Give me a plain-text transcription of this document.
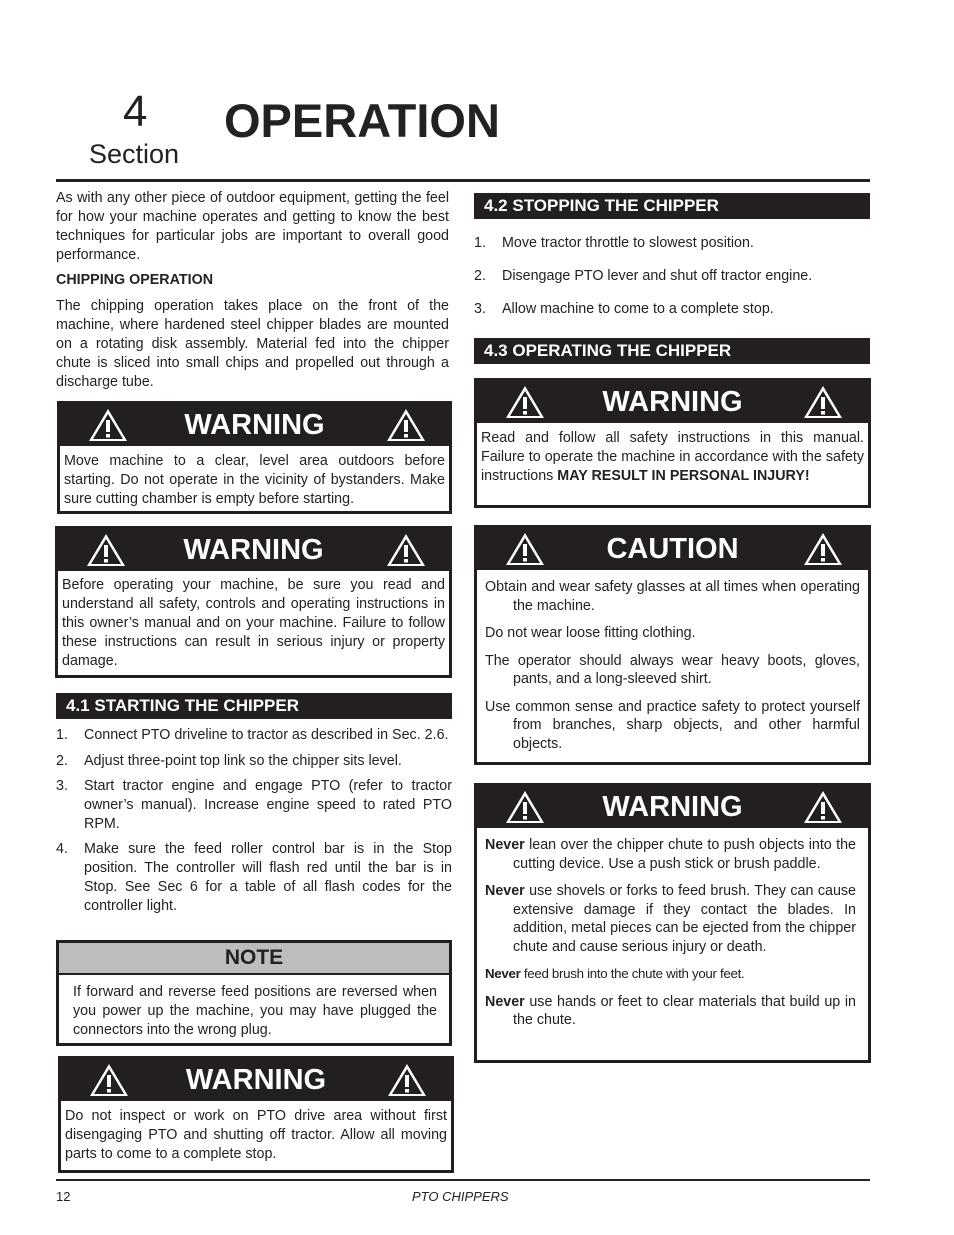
4
Section
OPERATION

As with any other piece of outdoor equipment, getting the feel for how your machine operates and getting to know the best techniques for particular jobs are important to overall good performance.

CHIPPING OPERATION

The chipping operation takes place on the front of the machine, where hardened steel chipper blades are mounted on a rotating disk assembly. Material fed into the chipper chute is sliced into small chips and propelled out through a discharge tube.

WARNING
Move machine to a clear, level area outdoors before starting. Do not operate in the vicinity of bystanders. Make sure cutting chamber is empty before starting.
WARNING
Before operating your machine, be sure you read and understand all safety, controls and operating instructions in this owner’s manual and on your machine. Failure to follow these instructions can result in serious injury or property damage.
4.1 STARTING THE CHIPPER
1. Connect PTO driveline to tractor as described in Sec. 2.6.
2. Adjust three-point top link so the chipper sits level.
3. Start tractor engine and engage PTO (refer to tractor owner’s manual). Increase engine speed to rated PTO RPM.
4. Make sure the feed roller control bar is in the Stop position. The controller will flash red until the bar is in Stop. See Sec 6 for a table of all flash codes for the controller light.
NOTE
If forward and reverse feed positions are reversed when you power up the machine, you may have plugged the connectors into the wrong plug.
WARNING
Do not inspect or work on PTO drive area without first disengaging PTO and shutting off tractor. Allow all moving parts to come to a complete stop.
4.2 STOPPING THE CHIPPER
1. Move tractor throttle to slowest position.
2. Disengage PTO lever and shut off tractor engine.
3. Allow machine to come to a complete stop.
4.3 OPERATING THE CHIPPER
WARNING
Read and follow all safety instructions in this manual. Failure to operate the machine in accordance with the safety instructions MAY RESULT IN PERSONAL INJURY!
CAUTION

Obtain and wear safety glasses at all times when operating the machine.

Do not wear loose fitting clothing.

The operator should always wear heavy boots, gloves, pants, and a long-sleeved shirt.

Use common sense and practice safety to protect yourself from branches, sharp objects, and other harmful objects.

WARNING

Never lean over the chipper chute to push objects into the cutting device. Use a push stick or brush paddle.

Never use shovels or forks to feed brush. They can cause extensive damage if they contact the blades. In addition, metal pieces can be ejected from the chipper chute and cause serious injury or death.

Never feed brush into the chute with your feet.

Never use hands or feet to clear materials that build up in the chute.

12	PTO CHIPPERS
